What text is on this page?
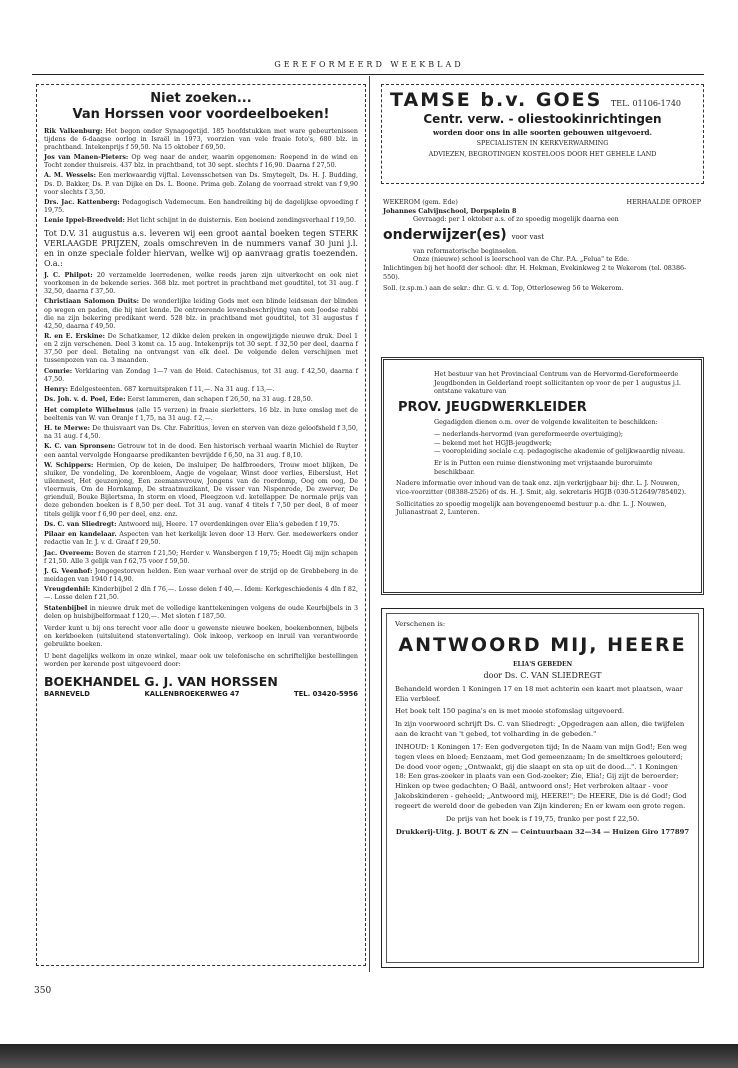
GEREFORMEERD WEEKBLAD
Niet zoeken...
Van Horssen voor voordeelboeken!

Rik Valkenburg: Het begon onder Synagogetijd. 185 hoofdstukken met ware gebeurtenissen tijdens de 6-daagse oorlog in Israël in 1973, voorzien van vele fraaie foto's, 680 blz. in prachtband. Intekenprijs f 59,50. Na 15 oktober f 69,50.

Jos van Manen-Pieters: Op weg naar de ander, waarin opgenomen: Roepend in de wind en Tocht zonder thuisreis. 437 blz. in prachtband, tot 30 sept. slechts f 16,90. Daarna f 27,50.

A. M. Wessels: Een merkwaardig vijftal. Levensschetsen van Ds. Smytegelt, Ds. H. J. Budding, Ds. D. Bakker, Ds. P. van Dijke en Ds. L. Boone. Prima geb. Zolang de voorraad strekt van f 9,90 voor slechts f 3,50.

Drs. Jac. Kattenberg: Pedagogisch Vademecum. Een handreiking bij de dagelijkse opvoeding f 19,75.

Lenie Ippel-Breedveld: Het licht schijnt in de duisternis. Een boeiend zendingsverhaal f 19,50.

Tot D.V. 31 augustus a.s. leveren wij een groot aantal boeken tegen STERK VERLAAGDE PRIJZEN, zoals omschreven in de nummers vanaf 30 juni j.l. en in onze speciale folder hiervan, welke wij op aanvraag gratis toezenden. O.a.:

J. C. Philpot: 20 verzamelde leerredenen, welke reeds jaren zijn uitverkocht en ook niet voorkomen in de bekende series. 368 blz. met portret in prachtband met goudtitel, tot 31 aug. f 32,50, daarna f 37,50.

Christiaan Salomon Duits: De wonderlijke leiding Gods met een blinde leidsman der blinden op wegen en paden, die hij niet kende. De ontroerende levensbeschrijving van een Joodse rabbi die na zijn bekering predikant werd. 528 blz. in prachtband met goudtitel, tot 31 augustus f 42,50, daarna f 49,50.

R. en E. Erskine: De Schatkamer, 12 dikke delen preken in ongewijzigde nieuwe druk. Deel 1 en 2 zijn verschenen. Deel 3 komt ca. 15 aug. Intekenprijs tot 30 sept. f 32,50 per deel, daarna f 37,50 per deel. Betaling na ontvangst van elk deel. De volgende delen verschijnen met tussenpozen van ca. 3 maanden.

Comrie: Verklaring van Zondag 1—7 van de Heid. Catechismus, tot 31 aug. f 42,50, daarna f 47,50.

Henry: Edelgesteenten. 687 kernuitspraken f 11,—. Na 31 aug. f 13,—.

Ds. Joh. v. d. Poel, Ede: Eerst lammeren, dan schapen f 26,50, na 31 aug. f 28,50.

Het complete Wilhelmus (alle 15 verzen) in fraaie sierletters. 16 blz. in luxe omslag met de beeltenis van W. van Oranje f 1,75, na 31 aug. f 2,—.

H. te Merwe: De thuisvaart van Ds. Chr. Fabritius, leven en sterven van deze geloofsheld f 3,50, na 31 aug. f 4,50.

K. C. van Spronsen: Getrouw tot in de dood. Een historisch verhaal waarin Michiel de Ruyter een aantal vervolgde Hongaarse predikanten bevrijdde f 6,50, na 31 aug. f 8,10.

W. Schippers: Hermien, Op de keien, De insluiper, De halfbroeders, Trouw moet blijken, De sluiker, De vondeling, De korenbloem, Aagje de vogelaar, Winst door verlies, Eiberslust, Het uilennest, Het geuzenjong, Een zeemansvrouw, Jongens van de roerdomp, Oog om oog, De vleermuis, Om de Hornkamp, De straatmuzikant, De visser van Nispenrode, De zwerver, De grienduil, Bouke Bijlertsma, In storm en vloed, Pleegzoon v.d. ketellapper. De normale prijs van deze gebonden boeken is f 8,50 per deel. Tot 31 aug. vanaf 4 titels f 7,50 per deel, 8 of meer titels gelijk voor f 6,90 per deel, enz. enz.

Ds. C. van Sliedregt: Antwoord mij, Heere. 17 overdenkingen over Elia's gebeden f 19,75.

Pilaar en kandelaar. Aspecten van het kerkelijk leven door 13 Herv. Ger. medewerkers onder redactie van Ir. J. v. d. Graaf f 29,50.

Jac. Overeem: Boven de starren f 21,50; Herder v. Wansbergen f 19,75; Hoedt Gij mijn schapen f 21,50. Alle 3 gelijk van f 62,75 voor f 59,50.

J. G. Veenhof: Jongegestorven helden. Een waar verhaal over de strijd op de Grebbeberg in de meidagen van 1940 f 14,90.

Vreugdenhil: Kinderbijbel 2 dln f 76,—. Losse delen f 40,—. Idem: Kerkgeschiedenis 4 dln f 82,—. Losse delen f 21,50.

Statenbijbel in nieuwe druk met de volledige kanttekeningen volgens de oude Keurbijbels in 3 delen op huisbijbelformaat f 120,—. Met sloten f 187,50.

Verder kunt u bij ons terecht voor alle door u gewenste nieuwe boeken, boekenbonnen, bijbels en kerkboeken (uitsluitend statenvertaling). Ook inkoop, verkoop en inruil van verantwoorde gebruikte boeken.

U bent dagelijks welkom in onze winkel, maar ook uw telefonische en schriftelijke bestellingen worden per kerende post uitgevoerd door:

BOEKHANDEL G. J. VAN HORSSEN
BARNEVELD	KALLENBROEKERWEG 47	TEL. 03420-5956
TAMSE b.v. GOES TEL. 01106-1740
Centr. verw. - oliestookinrichtingen
worden door ons in alle soorten gebouwen uitgevoerd.
SPECIALISTEN IN KERKVERWARMING
ADVIEZEN, BEGROTINGEN KOSTELOOS DOOR HET GEHELE LAND
WEKEROM (gem. Ede)	HERHAALDE OPROEP
Johannes Calvijnschool, Dorpsplein 8
Gevraagd: per 1 oktober a.s. of zo spoedig mogelijk daarna een
onderwijzer(es) voor vast
van reformatorische beginselen.
Onze (nieuwe) school is leerschool van de Chr. P.A. „Felua" te Ede.
Inlichtingen bij het hoofd der school: dhr. H. Hekman, Evekinkweg 2 te Wekerom (tel. 08386-550).
Soll. (z.sp.m.) aan de sekr.: dhr. G. v. d. Top, Otterloseweg 56 te Wekerom.

Het bestuur van het Provinciaal Centrum van de Hervormd-Gereformeerde Jeugdbonden in Gelderland roept sollicitanten op voor de per 1 augustus j.l. ontstane vakature van

PROV. JEUGDWERKLEIDER

Gegadigden dienen o.m. over de volgende kwaliteiten te beschikken:

— nederlands-hervormd (van gereformeerde overtuiging);
— bekend met het HGJB-jeugdwerk;
— vooropleiding sociale c.q. pedagogische akademie of gelijkwaardig niveau.

Er is in Putten een ruime dienstwoning met vrijstaande buroruimte beschikbaar.

Nadere informatie over inhoud van de taak enz. zijn verkrijgbaar bij: dhr. L. J. Nouwen, vice-voorzitter (08388-2526) of ds. H. J. Smit, alg. sekretaris HGJB (030-512649/785402).

Sollicitaties zo spoedig mogelijk aan bovengenoemd bestuur p.a. dhr. L. J. Nouwen, Julianastraat 2, Lunteren.

Verschenen is:
ANTWOORD MIJ, HEERE
ELIA'S GEBEDEN
door Ds. C. VAN SLIEDREGT

Behandeld worden 1 Koningen 17 en 18 met achterin een kaart met plaatsen, waar Elia verbleef.

Het boek telt 150 pagina's en is met mooie stofomslag uitgevoerd.

In zijn voorwoord schrijft Ds. C. van Sliedregt: „Opgedragen aan allen, die twijfelen aan de kracht van 't gebed, tot volharding in de gebeden."

INHOUD: 1 Koningen 17: Een godvergeten tijd; In de Naam van mijn God!; Een weg tegen vlees en bloed; Eenzaam, met God gemeenzaam; In de smeltkroes gelouterd; De dood voor ogen; „Ontwaakt, gij die slaapt en sta op uit de dood...". 1 Koningen 18: Een gras-zoeker in plaats van een God-zoeker; Zie, Elia!; Gij zijt de beroerder; Hinken op twee gedachten; O Baäl, antwoord ons!; Het verbroken altaar - voor Jakobskinderen - geheeld; „Antwoord mij, HEERE!"; De HEERE, Die is dé God!; God regeert de wereld door de gebeden van Zijn kinderen; En er kwam een grote regen.

De prijs van het boek is f 19,75, franko per post f 22,50.

Drukkerij-Uitg. J. BOUT & ZN — Ceintuurbaan 32—34 — Huizen Giro 177897

350
